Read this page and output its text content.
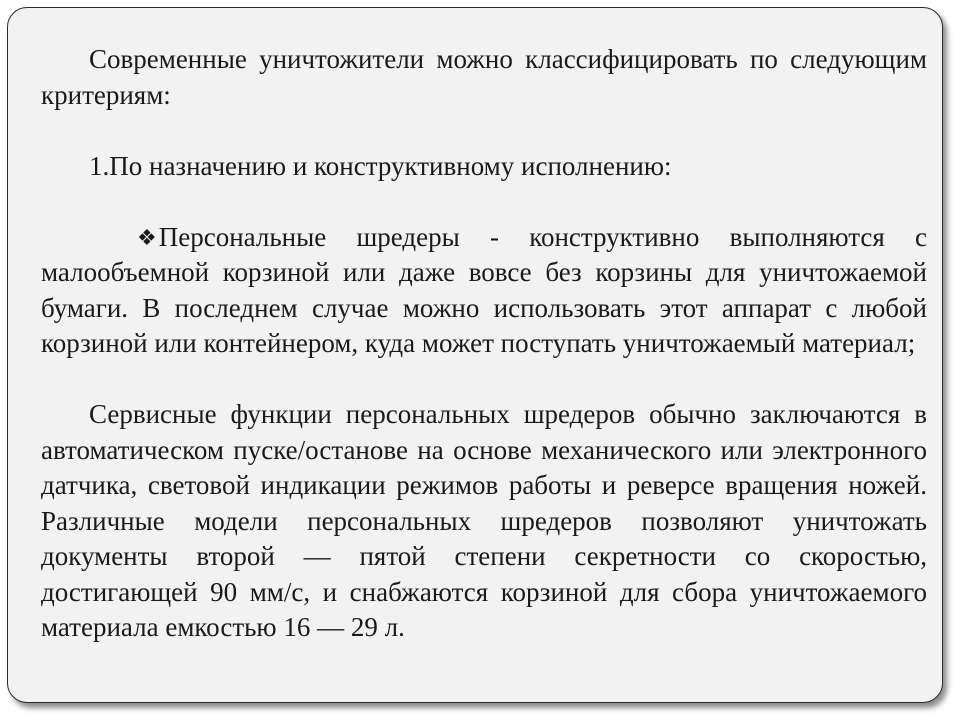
Современные уничтожители можно классифицировать по следующим критериям:

1.По назначению и конструктивному исполнению:

❖Персональные шредеры - конструктивно выполняются с малообъемной корзиной или даже вовсе без корзины для уничтожаемой бумаги. В последнем случае можно использовать этот аппарат с любой корзиной или контейнером, куда может поступать уничтожаемый материал;

Сервисные функции персональных шредеров обычно заключаются в автоматическом пуске/останове на основе механического или электронного датчика, световой индикации режимов работы и реверсе вращения ножей. Различные модели персональных шредеров позволяют уничтожать документы второй — пятой степени секретности со скоростью, достигающей 90 мм/с, и снабжаются корзиной для сбора уничтожаемого материала емкостью 16 — 29 л.
